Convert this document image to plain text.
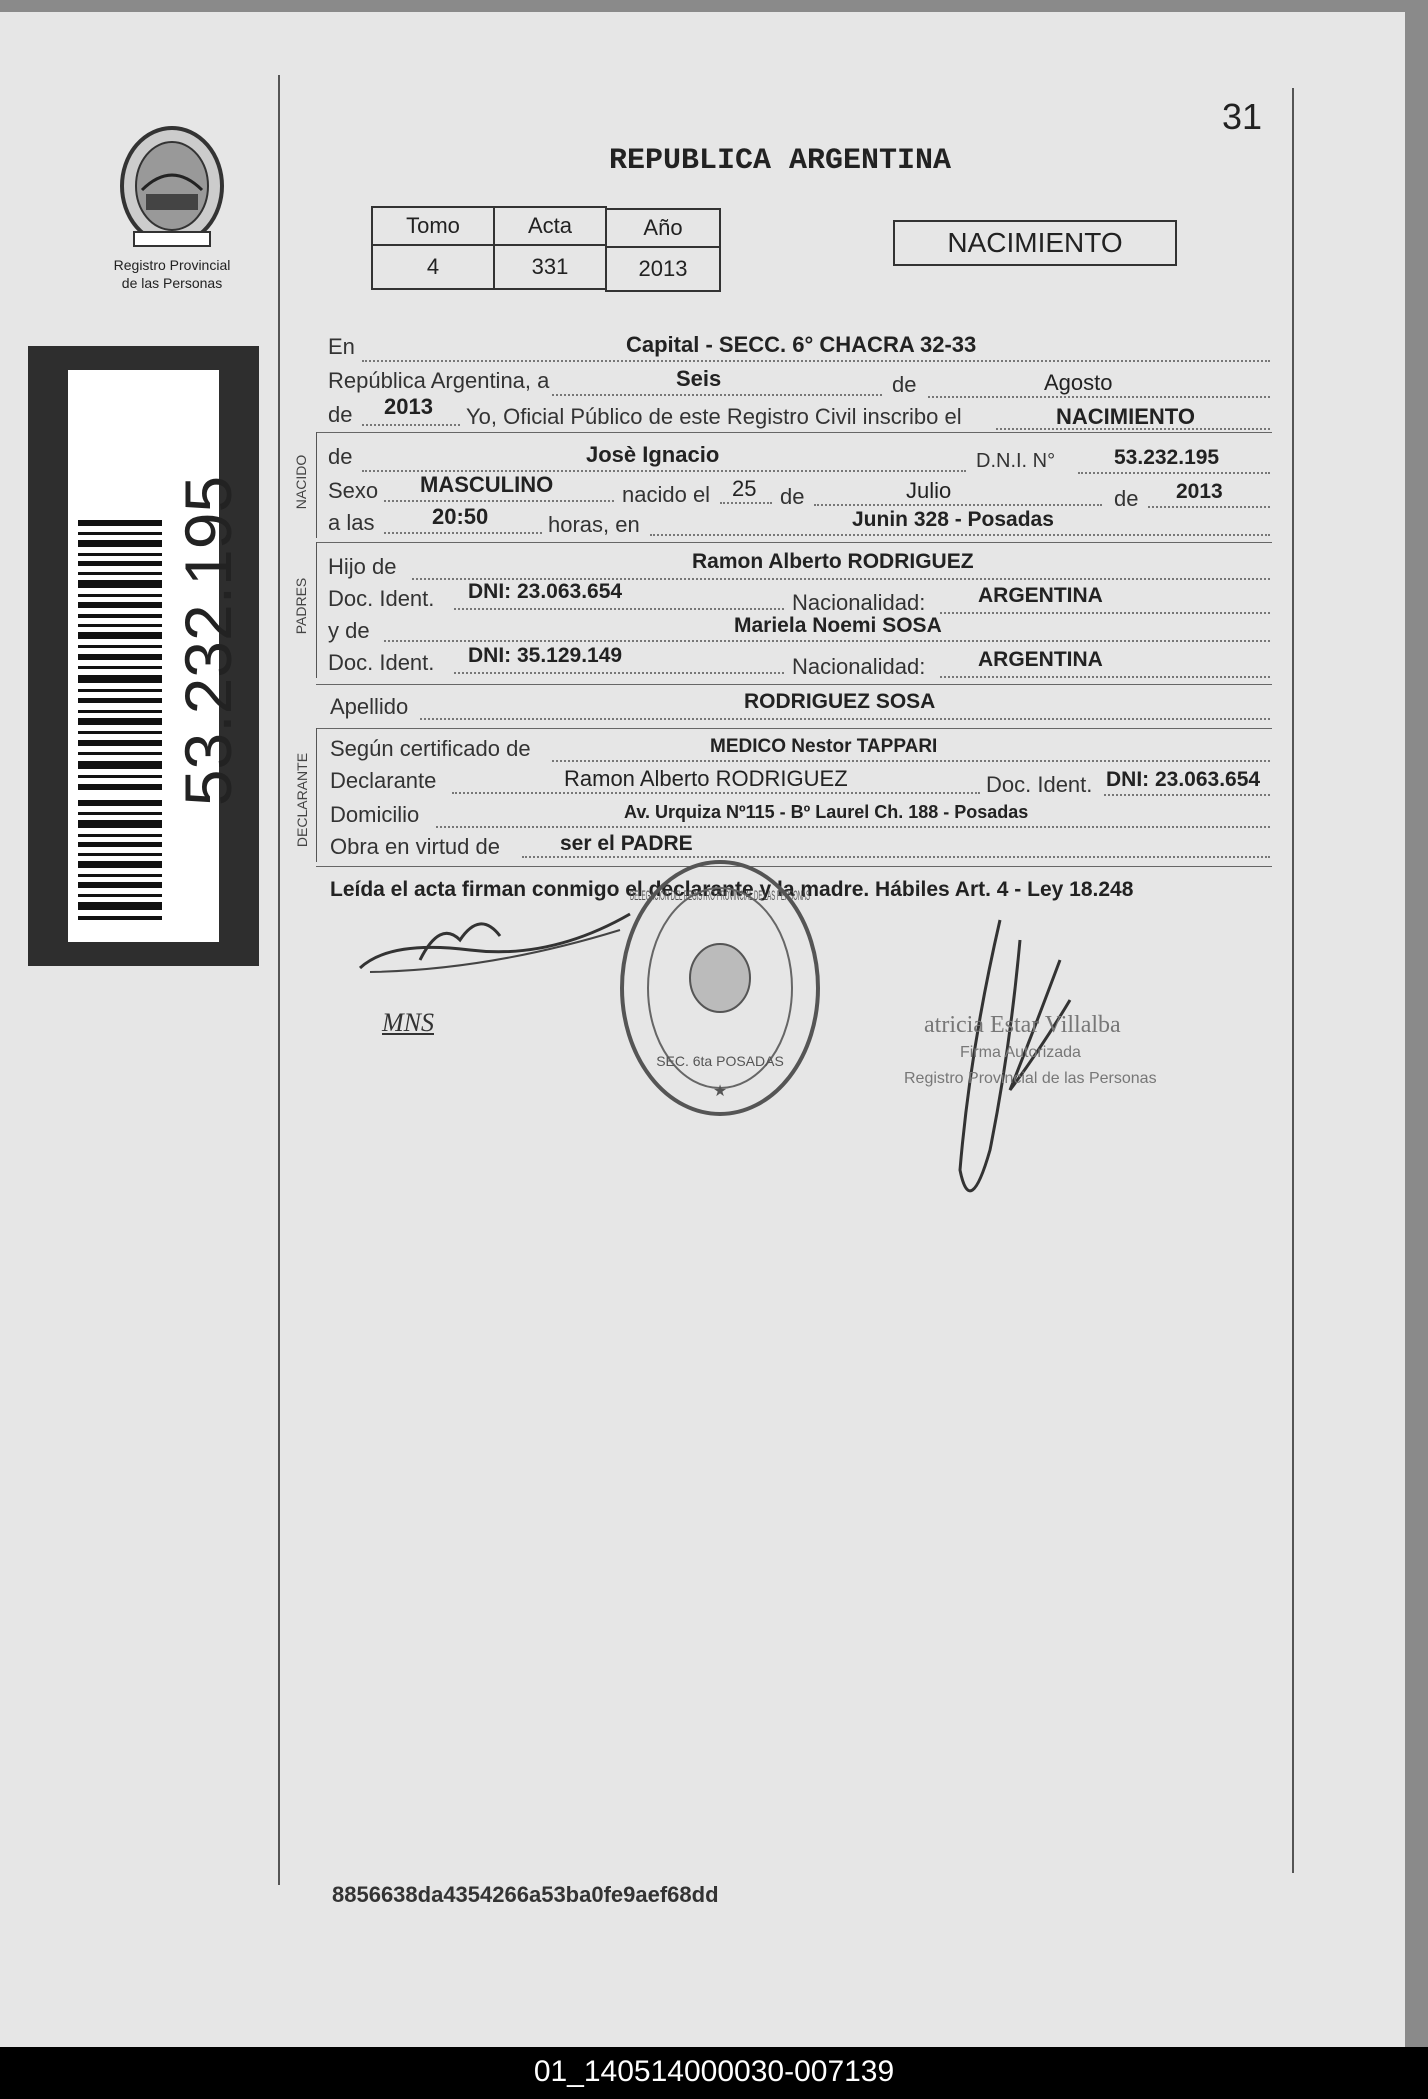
Registro Provincial
de las Personas
53.232.195
31
REPUBLICA ARGENTINA
Tomo	Acta	Año
4	331	2013
NACIMIENTO
En	Capital - SECC. 6° CHACRA 32-33
República Argentina, a	Seis	de	Agosto
de 2013 Yo, Oficial Público de este Registro Civil inscribo el	NACIMIENTO
NACIDO de	Josè Ignacio	D.N.I. N°	53.232.195
Sexo MASCULINO	nacido el 25 de	Julio	de 2013
a las	20:50	horas, en	Junin 328 - Posadas
PADRES
Hijo de	Ramon Alberto RODRIGUEZ
Doc. Ident. DNI: 23.063.654	Nacionalidad:	ARGENTINA
y de	Mariela Noemi SOSA
Doc. Ident. DNI: 35.129.149	Nacionalidad:	ARGENTINA
Apellido	RODRIGUEZ SOSA
DECLARANTE
Según certificado de	MEDICO Nestor TAPPARI
Declarante	Ramon Alberto RODRIGUEZ	Doc. Ident. DNI: 23.063.654
Domicilio	Av. Urquiza Nº115 - Bº Laurel Ch. 188 - Posadas
Obra en virtud de	ser el PADRE
Leída el acta firman conmigo el declarante y la madre. Hábiles Art. 4 - Ley 18.248
MNS
DELEGACION DEL REGISTRO PROVINCIAL DE LAS PERSONAS
SEC. 6ta POSADAS
★
atricia Estar Villalba
Firma Autorizada
Registro Provincial de las Personas
8856638da4354266a53ba0fe9aef68dd
01_140514000030-007139
